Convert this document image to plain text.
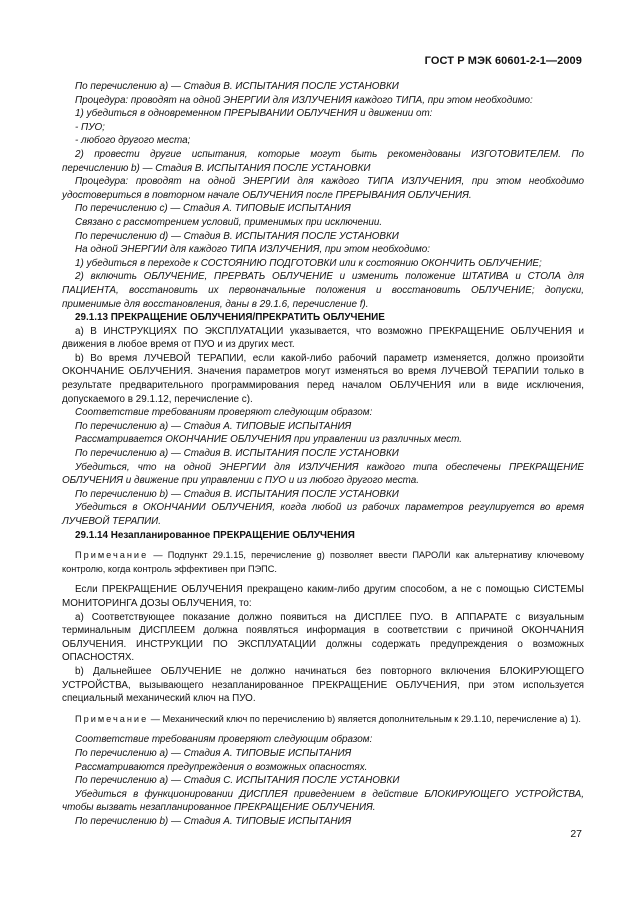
ГОСТ Р МЭК 60601-2-1—2009

По перечислению а) — Стадия В. ИСПЫТАНИЯ ПОСЛЕ УСТАНОВКИ

Процедура: проводят на одной ЭНЕРГИИ для ИЗЛУЧЕНИЯ каждого ТИПА, при этом необходимо:

1) убедиться в одновременном ПРЕРЫВАНИИ ОБЛУЧЕНИЯ и движении от:

- ПУО;

- любого другого места;

2) провести другие испытания, которые могут быть рекомендованы ИЗГОТОВИТЕЛЕМ. По перечислению b) — Стадия В. ИСПЫТАНИЯ ПОСЛЕ УСТАНОВКИ

Процедура: проводят на одной ЭНЕРГИИ для каждого ТИПА ИЗЛУЧЕНИЯ, при этом необходимо удостовериться в повторном начале ОБЛУЧЕНИЯ после ПРЕРЫВАНИЯ ОБЛУЧЕНИЯ.

По перечислению с) — Стадия А. ТИПОВЫЕ ИСПЫТАНИЯ

Связано с рассмотрением условий, применимых при исключении.

По перечислению d) — Стадия В. ИСПЫТАНИЯ ПОСЛЕ УСТАНОВКИ

На одной ЭНЕРГИИ для каждого ТИПА ИЗЛУЧЕНИЯ, при этом необходимо:

1) убедиться в переходе к СОСТОЯНИЮ ПОДГОТОВКИ или к состоянию ОКОНЧИТЬ ОБЛУЧЕНИЕ;

2) включить ОБЛУЧЕНИЕ, ПРЕРВАТЬ ОБЛУЧЕНИЕ и изменить положение ШТАТИВА и СТОЛА для ПАЦИЕНТА, восстановить их первоначальные положения и восстановить ОБЛУЧЕНИЕ; допуски, применимые для восстановления, даны в 29.1.6, перечисление f).

29.1.13 ПРЕКРАЩЕНИЕ ОБЛУЧЕНИЯ/ПРЕКРАТИТЬ ОБЛУЧЕНИЕ

а) В ИНСТРУКЦИЯХ ПО ЭКСПЛУАТАЦИИ указывается, что возможно ПРЕКРАЩЕНИЕ ОБЛУЧЕНИЯ и движения в любое время от ПУО и из других мест.

b) Во время ЛУЧЕВОЙ ТЕРАПИИ, если какой-либо рабочий параметр изменяется, должно произойти ОКОНЧАНИЕ ОБЛУЧЕНИЯ. Значения параметров могут изменяться во время ЛУЧЕВОЙ ТЕРАПИИ только в результате предварительного программирования перед началом ОБЛУЧЕНИЯ или в виде исключения, допускаемого в 29.1.12, перечисление с).

Соответствие требованиям проверяют следующим образом:

По перечислению а) — Стадия А. ТИПОВЫЕ ИСПЫТАНИЯ

Рассматривается ОКОНЧАНИЕ ОБЛУЧЕНИЯ при управлении из различных мест.

По перечислению а) — Стадия В. ИСПЫТАНИЯ ПОСЛЕ УСТАНОВКИ

Убедиться, что на одной ЭНЕРГИИ для ИЗЛУЧЕНИЯ каждого типа обеспечены ПРЕКРАЩЕНИЕ ОБЛУЧЕНИЯ и движение при управлении с ПУО и из любого другого места.

По перечислению b) — Стадия В. ИСПЫТАНИЯ ПОСЛЕ УСТАНОВКИ

Убедиться в ОКОНЧАНИИ ОБЛУЧЕНИЯ, когда любой из рабочих параметров регулируется во время ЛУЧЕВОЙ ТЕРАПИИ.

29.1.14 Незапланированное ПРЕКРАЩЕНИЕ ОБЛУЧЕНИЯ

Примечание — Подпункт 29.1.15, перечисление g) позволяет ввести ПАРОЛИ как альтернативу ключевому контролю, когда контроль эффективен при ПЭПС.

Если ПРЕКРАЩЕНИЕ ОБЛУЧЕНИЯ прекращено каким-либо другим способом, а не с помощью СИСТЕМЫ МОНИТОРИНГА ДОЗЫ ОБЛУЧЕНИЯ, то:

а) Соответствующее показание должно появиться на ДИСПЛЕЕ ПУО. В АППАРАТЕ с визуальным терминальным ДИСПЛЕЕМ должна появляться информация в соответствии с причиной ОКОНЧАНИЯ ОБЛУЧЕНИЯ. ИНСТРУКЦИИ ПО ЭКСПЛУАТАЦИИ должны содержать предупреждения о возможных ОПАСНОСТЯХ.

b) Дальнейшее ОБЛУЧЕНИЕ не должно начинаться без повторного включения БЛОКИРУЮЩЕГО УСТРОЙСТВА, вызывающего незапланированное ПРЕКРАЩЕНИЕ ОБЛУЧЕНИЯ, при этом используется специальный механический ключ на ПУО.

Примечание — Механический ключ по перечислению b) является дополнительным к 29.1.10, перечисление а) 1).

Соответствие требованиям проверяют следующим образом:

По перечислению а) — Стадия А. ТИПОВЫЕ ИСПЫТАНИЯ

Рассматриваются предупреждения о возможных опасностях.

По перечислению а) — Стадия С. ИСПЫТАНИЯ ПОСЛЕ УСТАНОВКИ

Убедиться в функционировании ДИСПЛЕЯ приведением в действие БЛОКИРУЮЩЕГО УСТРОЙСТВА, чтобы вызвать незапланированное ПРЕКРАЩЕНИЕ ОБЛУЧЕНИЯ.

По перечислению b) — Стадия А. ТИПОВЫЕ ИСПЫТАНИЯ

27
